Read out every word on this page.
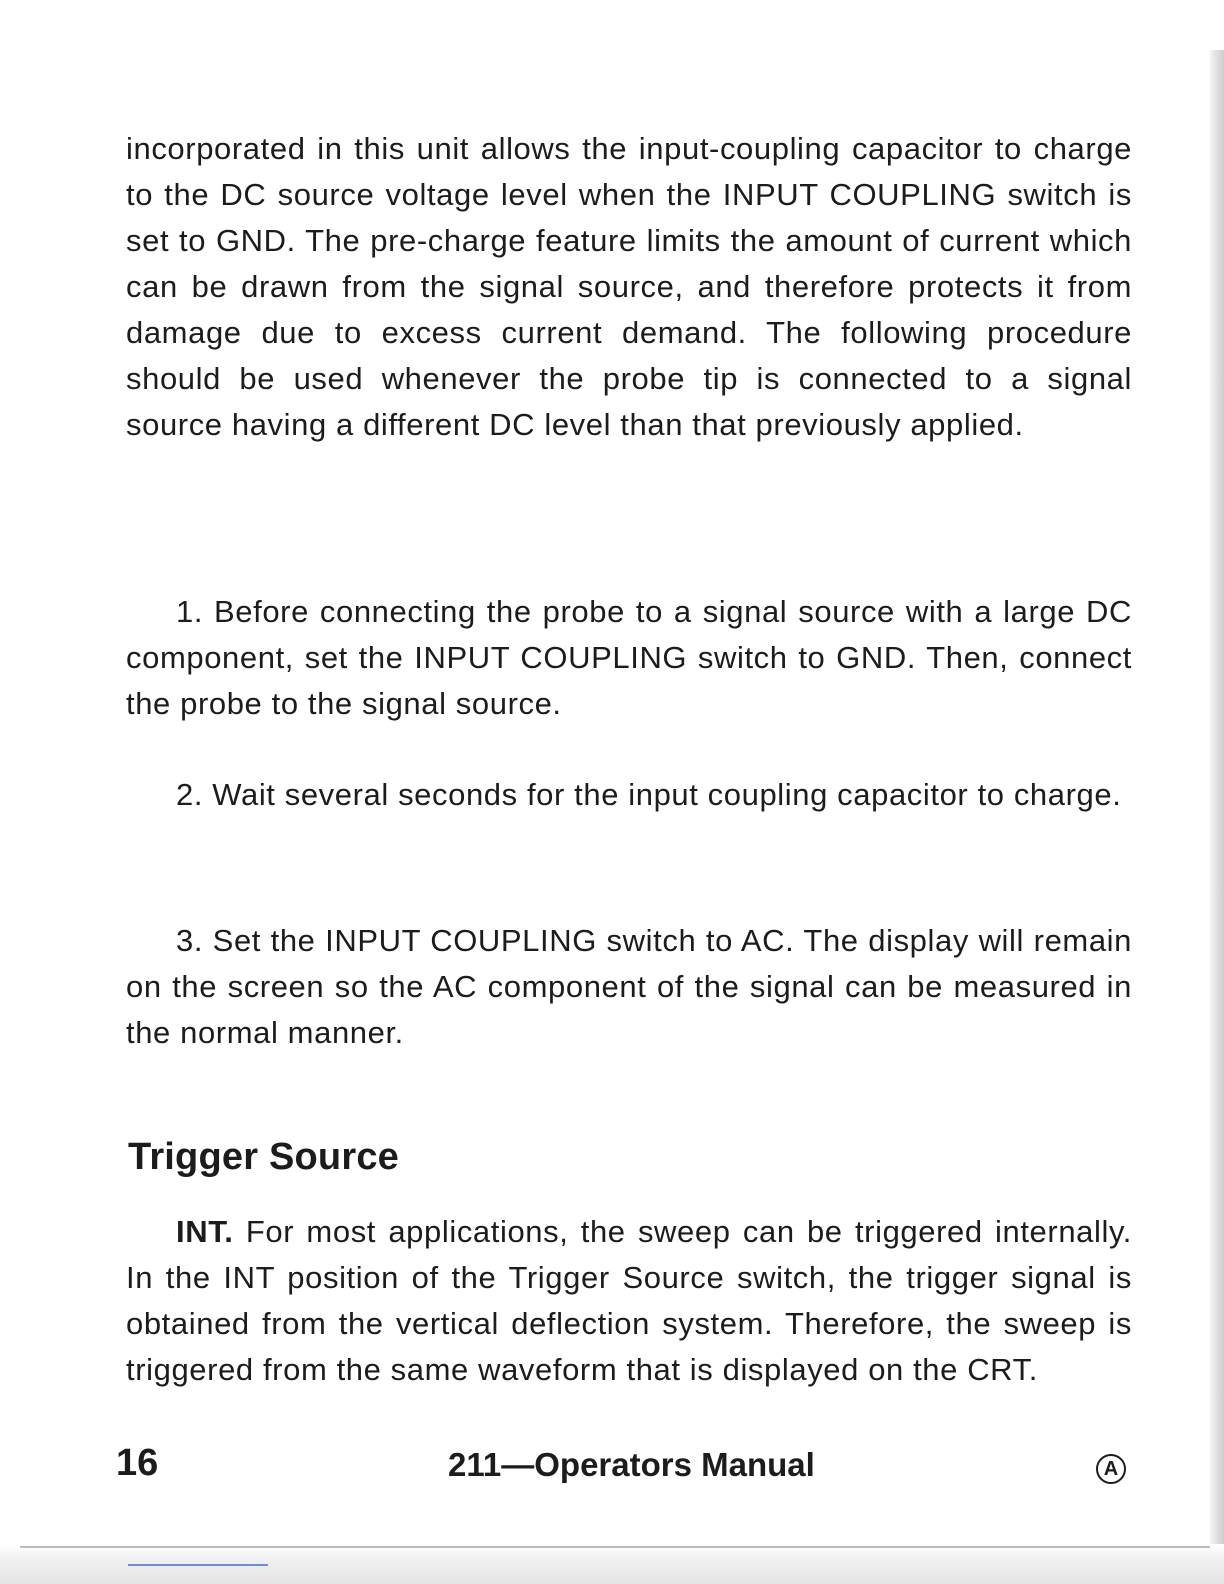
incorporated in this unit allows the input-coupling capacitor to charge to the DC source voltage level when the INPUT COUPLING switch is set to GND. The pre-charge feature limits the amount of current which can be drawn from the signal source, and therefore protects it from damage due to excess current demand. The following procedure should be used whenever the probe tip is connected to a signal source having a different DC level than that previously applied.

1. Before connecting the probe to a signal source with a large DC component, set the INPUT COUPLING switch to GND. Then, connect the probe to the signal source.

2. Wait several seconds for the input coupling capacitor to charge.

3. Set the INPUT COUPLING switch to AC. The display will remain on the screen so the AC component of the signal can be measured in the normal manner.

Trigger Source

INT. For most applications, the sweep can be triggered internally. In the INT position of the Trigger Source switch, the trigger signal is obtained from the vertical deflection system. Therefore, the sweep is triggered from the same waveform that is displayed on the CRT.

16	211—Operators Manual	A
